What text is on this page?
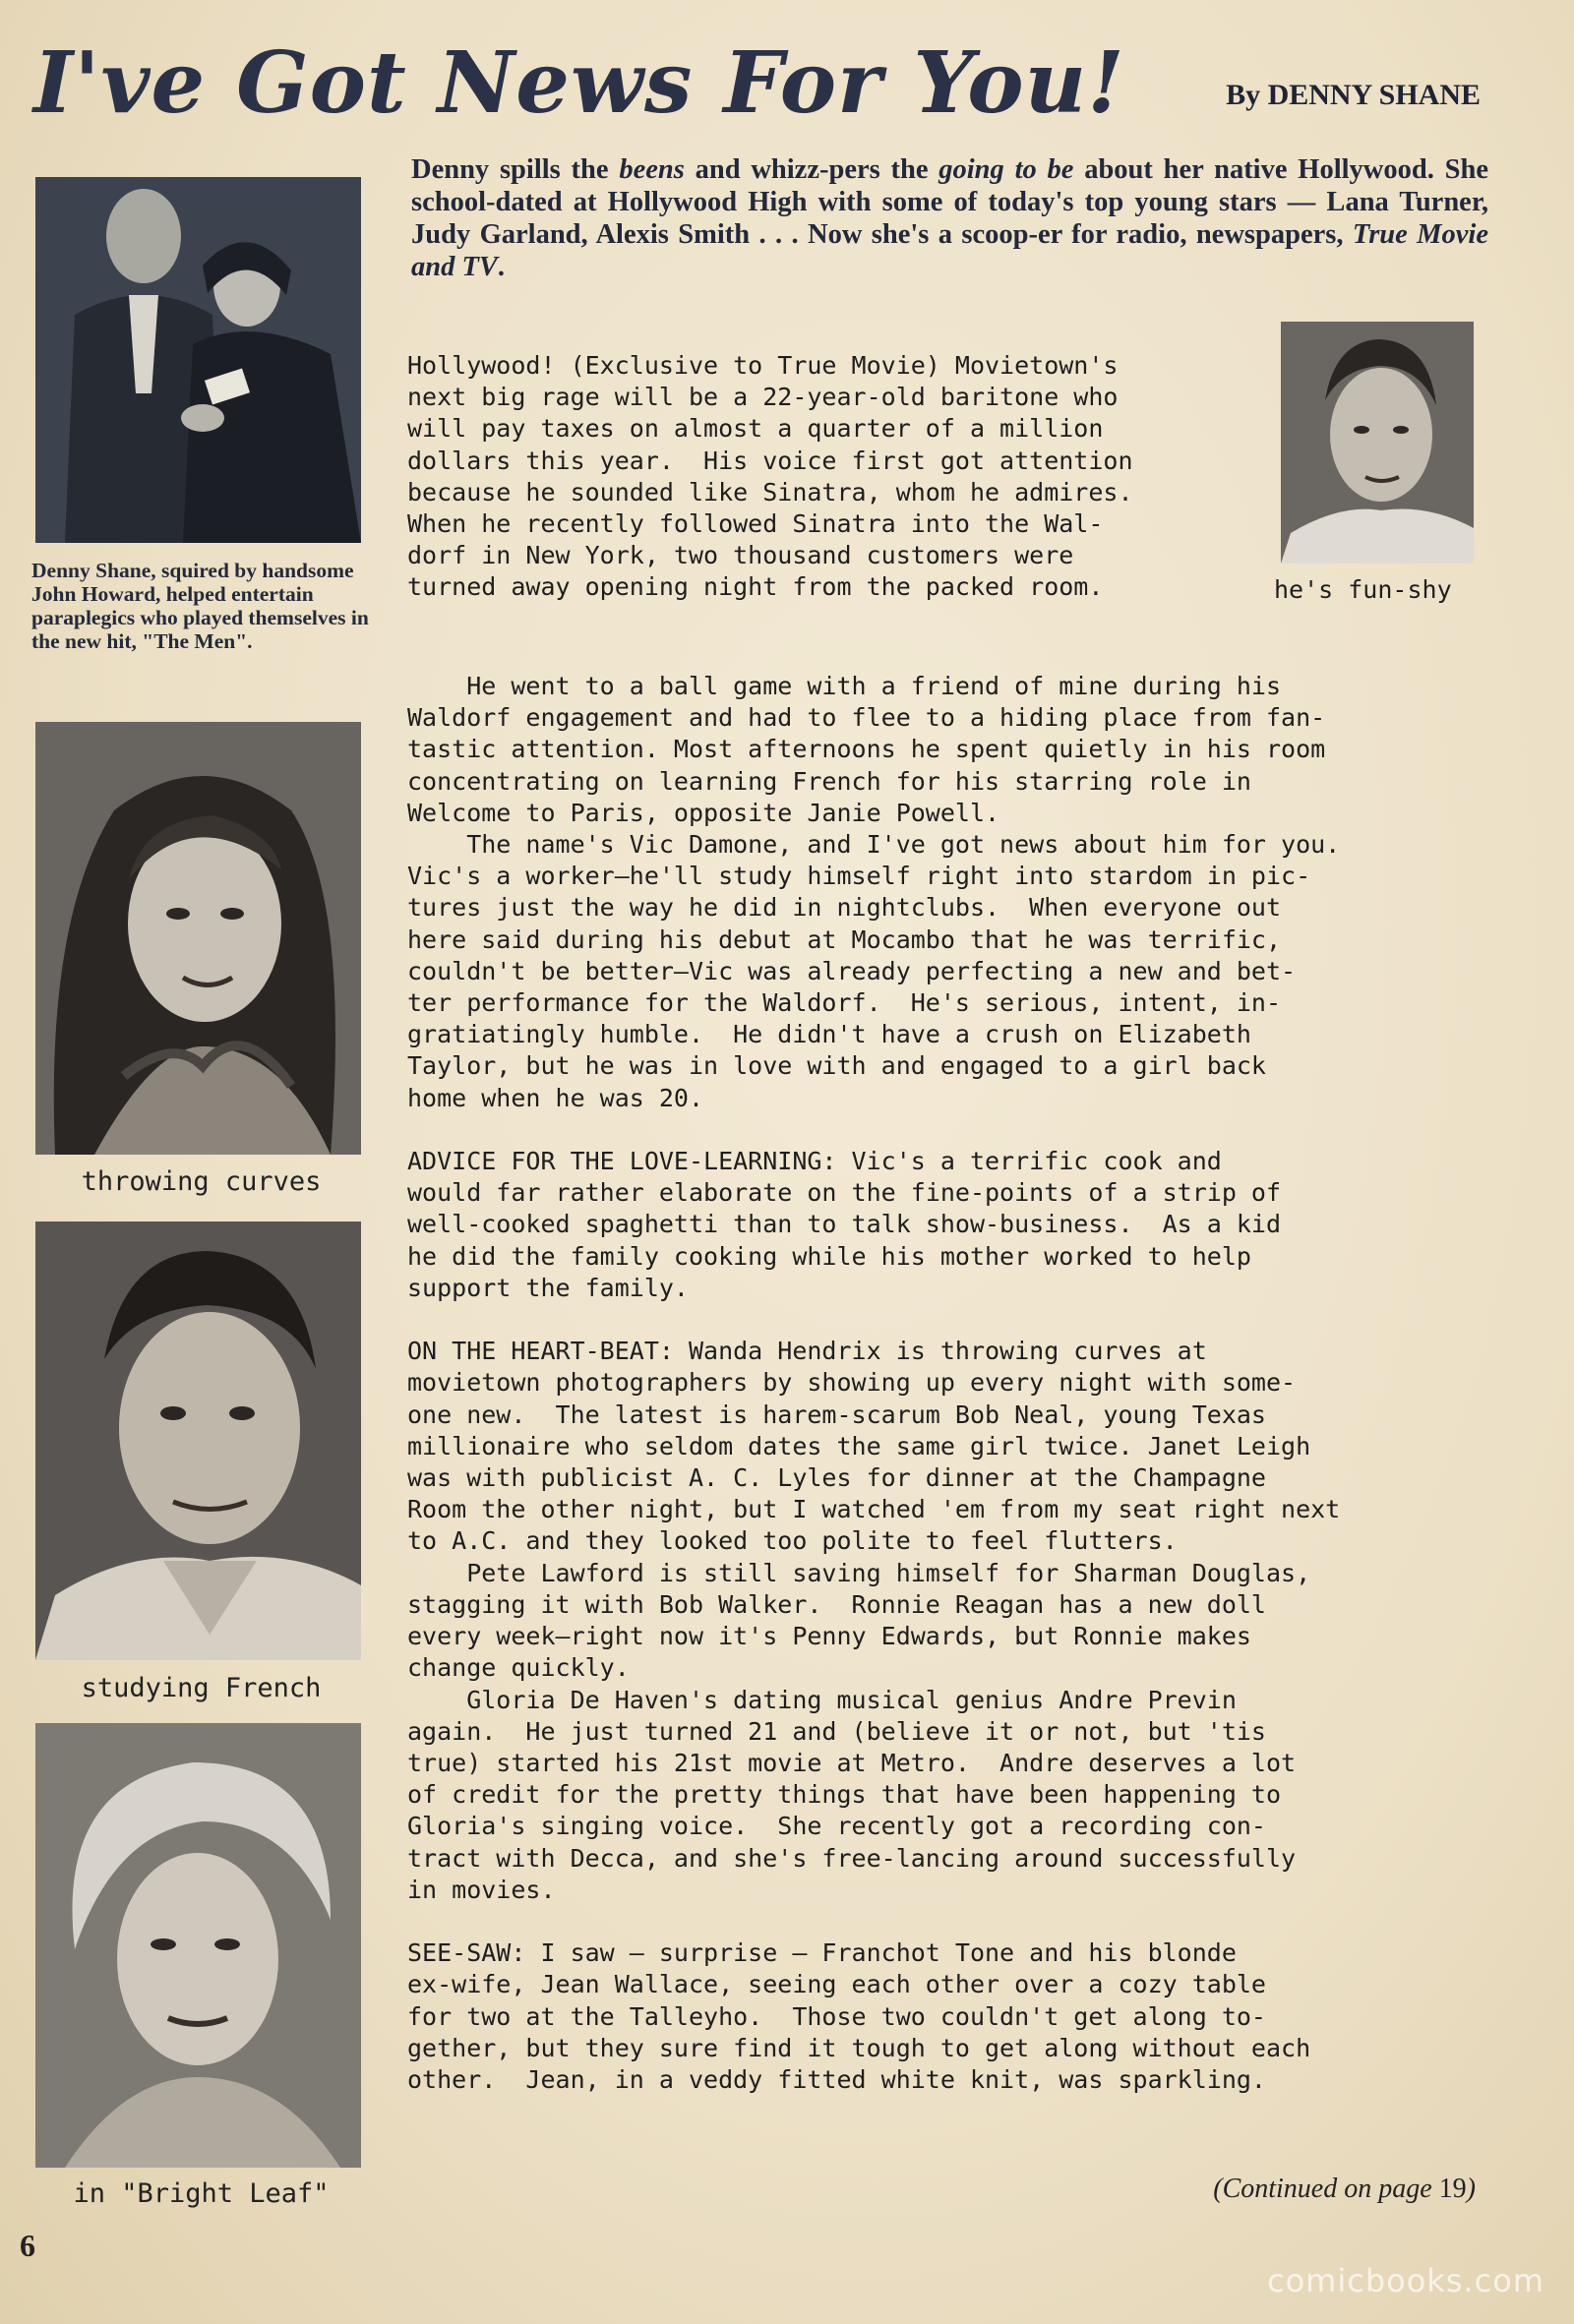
I've Got News For You!	By DENNY SHANE

Denny spills the beens and whizz-pers the going to be about her native Hollywood. She school-dated at Hollywood High with some of today's top young stars — Lana Turner, Judy Garland, Alexis Smith . . . Now she's a scoop-er for radio, newspapers, True Movie and TV.

Denny Shane, squired by handsome John Howard, helped entertain paraplegics who played themselves in the new hit, "The Men".

throwing curves
studying French
in "Bright Leaf"
Hollywood! (Exclusive to True Movie) Movietown's
next big rage will be a 22-year-old baritone who
will pay taxes on almost a quarter of a million
dollars this year.  His voice first got attention
because he sounded like Sinatra, whom he admires.
When he recently followed Sinatra into the Wal-
dorf in New York, two thousand customers were
turned away opening night from the packed room.	he's fun-shy
He went to a ball game with a friend of mine during his
Waldorf engagement and had to flee to a hiding place from fan-
tastic attention. Most afternoons he spent quietly in his room
concentrating on learning French for his starring role in
Welcome to Paris, opposite Janie Powell.
The name's Vic Damone, and I've got news about him for you.
Vic's a worker—he'll study himself right into stardom in pic-
tures just the way he did in nightclubs.  When everyone out
here said during his debut at Mocambo that he was terrific,
couldn't be better—Vic was already perfecting a new and bet-
ter performance for the Waldorf.  He's serious, intent, in-
gratiatingly humble.  He didn't have a crush on Elizabeth
Taylor, but he was in love with and engaged to a girl back
home when he was 20.

ADVICE FOR THE LOVE-LEARNING: Vic's a terrific cook and
would far rather elaborate on the fine-points of a strip of
well-cooked spaghetti than to talk show-business.  As a kid
he did the family cooking while his mother worked to help
support the family.

ON THE HEART-BEAT: Wanda Hendrix is throwing curves at
movietown photographers by showing up every night with some-
one new.  The latest is harem-scarum Bob Neal, young Texas
millionaire who seldom dates the same girl twice. Janet Leigh
was with publicist A. C. Lyles for dinner at the Champagne
Room the other night, but I watched 'em from my seat right next
to A.C. and they looked too polite to feel flutters.
Pete Lawford is still saving himself for Sharman Douglas,
stagging it with Bob Walker.  Ronnie Reagan has a new doll
every week—right now it's Penny Edwards, but Ronnie makes
change quickly.
Gloria De Haven's dating musical genius Andre Previn
again.  He just turned 21 and (believe it or not, but 'tis
true) started his 21st movie at Metro.  Andre deserves a lot
of credit for the pretty things that have been happening to
Gloria's singing voice.  She recently got a recording con-
tract with Decca, and she's free-lancing around successfully
in movies.

SEE-SAW: I saw — surprise — Franchot Tone and his blonde
ex-wife, Jean Wallace, seeing each other over a cozy table
for two at the Talleyho.  Those two couldn't get along to-
gether, but they sure find it tough to get along without each
other.  Jean, in a veddy fitted white knit, was sparkling.
(Continued on page 19)
6
comicbooks.com
